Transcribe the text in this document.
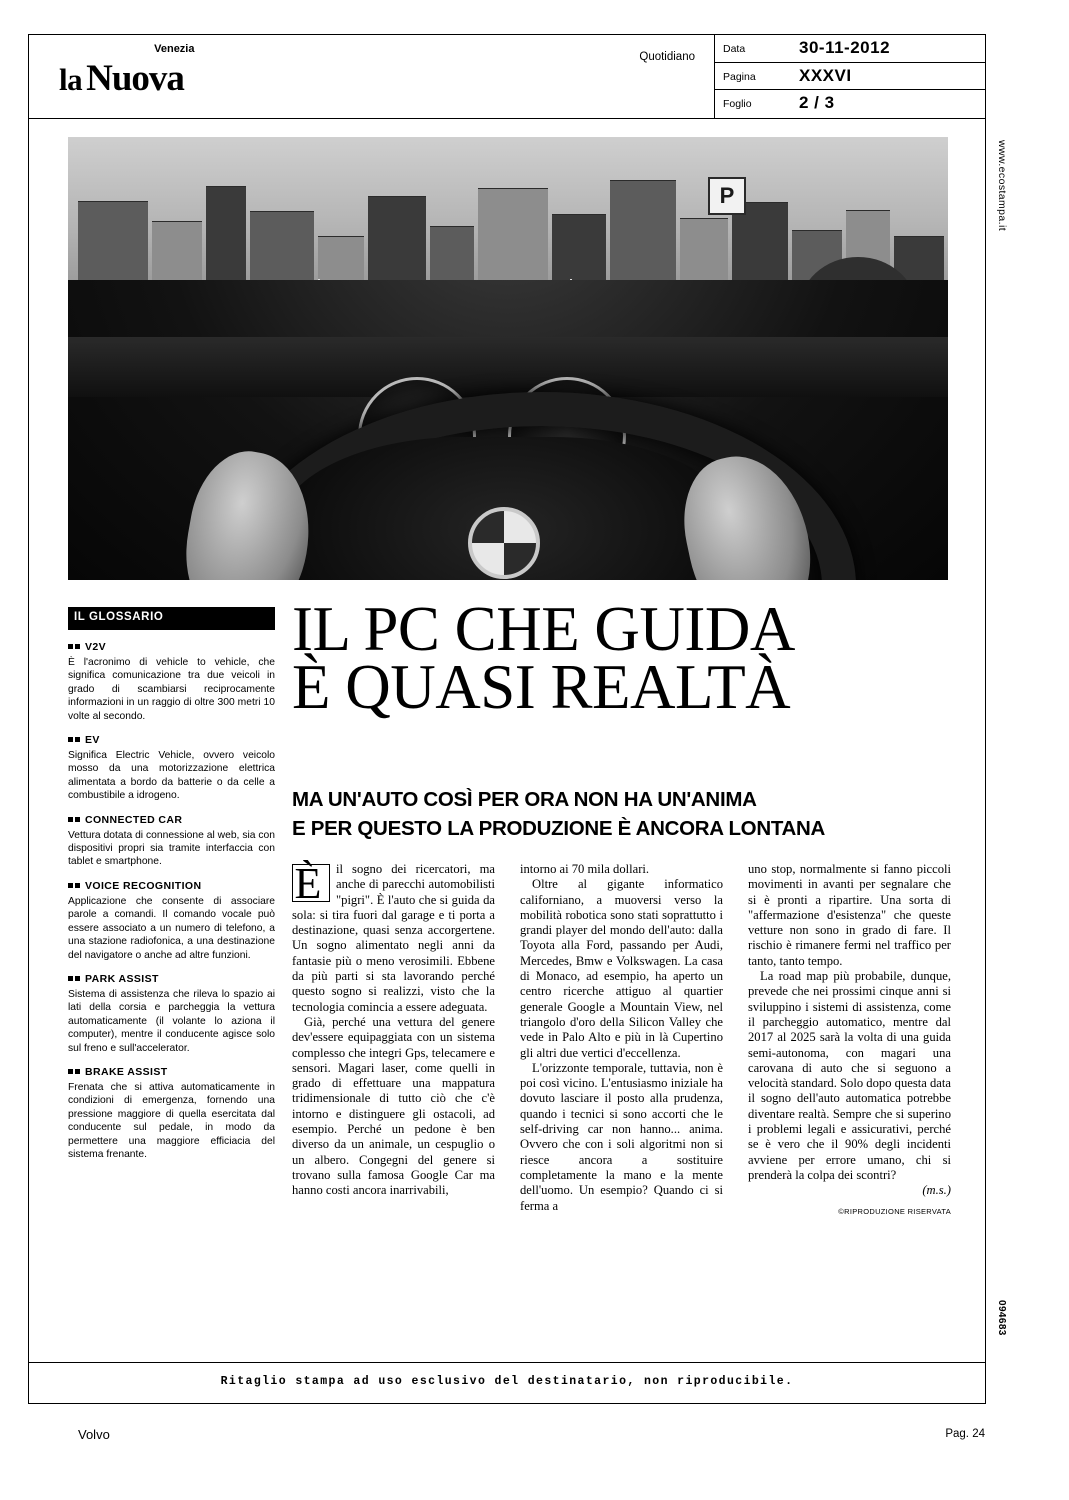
la
Venezia
Nuova
Quotidiano
Data	30-11-2012
Pagina	XXXVI
Foglio	2 / 3
www.ecostampa.it
094683
P
IL GLOSSARIO
V2V
È l'acronimo di vehicle to vehicle, che significa comunicazione tra due veicoli in grado di scambiarsi reciprocamente informazioni in un raggio di oltre 300 metri 10 volte al secondo.
EV
Significa Electric Vehicle, ovvero veicolo mosso da una motorizzazione elettrica alimentata a bordo da batterie o da celle a combustibile a idrogeno.
CONNECTED CAR
Vettura dotata di connessione al web, sia con dispositivi propri sia tramite interfaccia con tablet e smartphone.
VOICE RECOGNITION
Applicazione che consente di associare parole a comandi. Il comando vocale può essere associato a un numero di telefono, a una stazione radiofonica, a una destinazione del navigatore o anche ad altre funzioni.
PARK ASSIST
Sistema di assistenza che rileva lo spazio ai lati della corsia e parcheggia la vettura automaticamente (il volante lo aziona il computer), mentre il conducente agisce solo sul freno e sull'accelerator.
BRAKE ASSIST
Frenata che si attiva automaticamente in condizioni di emergenza, fornendo una pressione maggiore di quella esercitata dal conducente sul pedale, in modo da permettere una maggiore efficiacia del sistema frenante.
IL PC CHE GUIDA
È QUASI REALTÀ
MA UN'AUTO COSÌ PER ORA NON HA UN'ANIMA
E PER QUESTO LA PRODUZIONE È ANCORA LONTANA

È	il sogno dei ricercatori, ma anche di parecchi automobilisti "pigri". È l'auto che si guida da sola: si tira fuori dal garage e ti porta a destinazione, quasi senza accorgertene. Un sogno alimentato negli anni da fantasie più o meno verosimili. Ebbene da più parti si sta lavorando perché questo sogno si realizzi, visto che la tecnologia comincia a essere adeguata.

Già, perché una vettura del genere dev'essere equipaggiata con un sistema complesso che integri Gps, telecamere e sensori. Magari laser, come quelli in grado di effettuare una mappatura tridimensionale di tutto ciò che c'è intorno e distinguere gli ostacoli, ad esempio. Perché un pedone è ben diverso da un animale, un cespuglio o un albero. Congegni del genere si trovano sulla famosa Google Car ma hanno costi ancora inarrivabili,

intorno ai 70 mila dollari.

Oltre al gigante informatico californiano, a muoversi verso la mobilità robotica sono stati soprattutto i grandi player del mondo dell'auto: dalla Toyota alla Ford, passando per Audi, Mercedes, Bmw e Volkswagen. La casa di Monaco, ad esempio, ha aperto un centro ricerche attiguo al quartier generale Google a Mountain View, nel triangolo d'oro della Silicon Valley che vede in Palo Alto e più in là Cupertino gli altri due vertici d'eccellenza.

L'orizzonte temporale, tuttavia, non è poi così vicino. L'entusiasmo iniziale ha dovuto lasciare il posto alla prudenza, quando i tecnici si sono accorti che le self-driving car non hanno... anima. Ovvero che con i soli algoritmi non si riesce ancora a sostituire completamente la mano e la mente dell'uomo. Un esempio? Quando ci si ferma a

uno stop, normalmente si fanno piccoli movimenti in avanti per segnalare che si è pronti a ripartire. Una sorta di "affermazione d'esistenza" che queste vetture non sono in grado di fare. Il rischio è rimanere fermi nel traffico per tanto, tanto tempo.

La road map più probabile, dunque, prevede che nei prossimi cinque anni si sviluppino i sistemi di assistenza, come il parcheggio automatico, mentre dal 2017 al 2025 sarà la volta di una guida semi-autonoma, con magari una carovana di auto che si seguono a velocità standard. Solo dopo questa data il sogno dell'auto automatica potrebbe diventare realtà. Sempre che si superino i problemi legali e assicurativi, perché se è vero che il 90% degli incidenti avviene per errore umano, chi si prenderà la colpa dei scontri?

(m.s.)

©RIPRODUZIONE RISERVATA
Ritaglio stampa ad uso esclusivo del destinatario, non riproducibile.
Volvo	Pag. 24
